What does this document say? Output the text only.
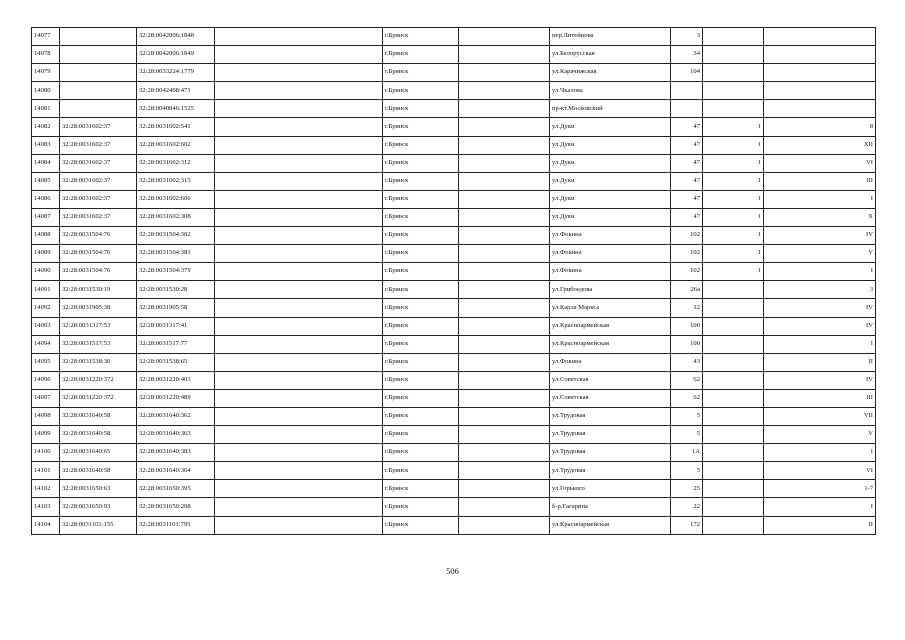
14077		32:28:0042006:1848		г.Брянск		пер.Литейнова	3		
14078		32:28:0042006:1849		г.Брянск		ул.Белорусская	34		
14079		32:28:0033224:1779		г.Брянск		ул.Карачижская	104		
14080		32:28:0042408:471		г.Брянск		ул.Чкалова			
14081		32:28:0040846:1525		г.Брянск		пр-кт.Московский			
14082	32:28:0031602:37	32:28:0031602:541		г.Брянск		ул.Дуки	47	1	8
14083	32:28:0031602:37	32:28:0031602:602		г.Брянск		ул.Дуки	47	1	XII
14084	32:28:0031602:37	32:28:0031602:312		г.Брянск		ул.Дуки	47	1	VI
14085	32:28:0031602:37	32:28:0031602:315		г.Брянск		ул.Дуки	47	1	III
14086	32:28:0031602:37	32:28:0031602:606		г.Брянск		ул.Дуки	47	1	I
14087	32:28:0031602:37	32:28:0031602:308		г.Брянск		ул.Дуки	47	1	X
14088	32:28:0031504:76	32:28:0031504:382		г.Брянск		ул.Фокина	102	1	IV
14089	32:28:0031504:76	32:28:0031504:383		г.Брянск		ул.Фокина	102	1	V
14090	32:28:0031504:76	32:28:0031504:379		г.Брянск		ул.Фокина	102	1	I
14091	32:28:0031530:19	32:28:0031530:28		г.Брянск		ул.Грибоедова	26а		3
14092	32:28:0031905:38	32:28:0031905:58		г.Брянск		ул.Карла Маркса	12		IV
14093	32:28:0031317:53	32:28:0031317:41		г.Брянск		ул.Красноармейская	100		IV
14094	32:28:0031517:53	32:28:0031517:77		г.Брянск		ул.Красноармейская	100		I
14095	32:28:0031538:36	32:28:0031538:65		г.Брянск		ул.Фокина	43		II
14096	32:28:0031220:372	32:28:0031220:403		г.Брянск		ул.Советская	62		IV
14097	32:28:0031220:372	32:28:0031220:489		г.Брянск		ул.Советская	62		III
14098	32:28:0031640:58	32:28:0031640:362		г.Брянск		ул.Трудовая	5		VII
14099	32:28:0031640:58	32:28:0031640:363		г.Брянск		ул.Трудовая	5		V
14100	32:28:0031640:65	32:28:0031640:383		г.Брянск		ул.Трудовая	1А		I
14101	32:28:0031640:58	32:28:0031640:364		г.Брянск		ул.Трудовая	5		VI
14102	32:28:0031650:63	32:28:0031650:395		г.Брянск		ул.Горького	25		1-7
14103	32:28:0031650:93	32:28:0031650:208		г.Брянск		б-р.Гагарина	22		I
14104	32:28:0031101:155	32:28:0031101:795		г.Брянск		ул.Красноармейская	172		II
506
